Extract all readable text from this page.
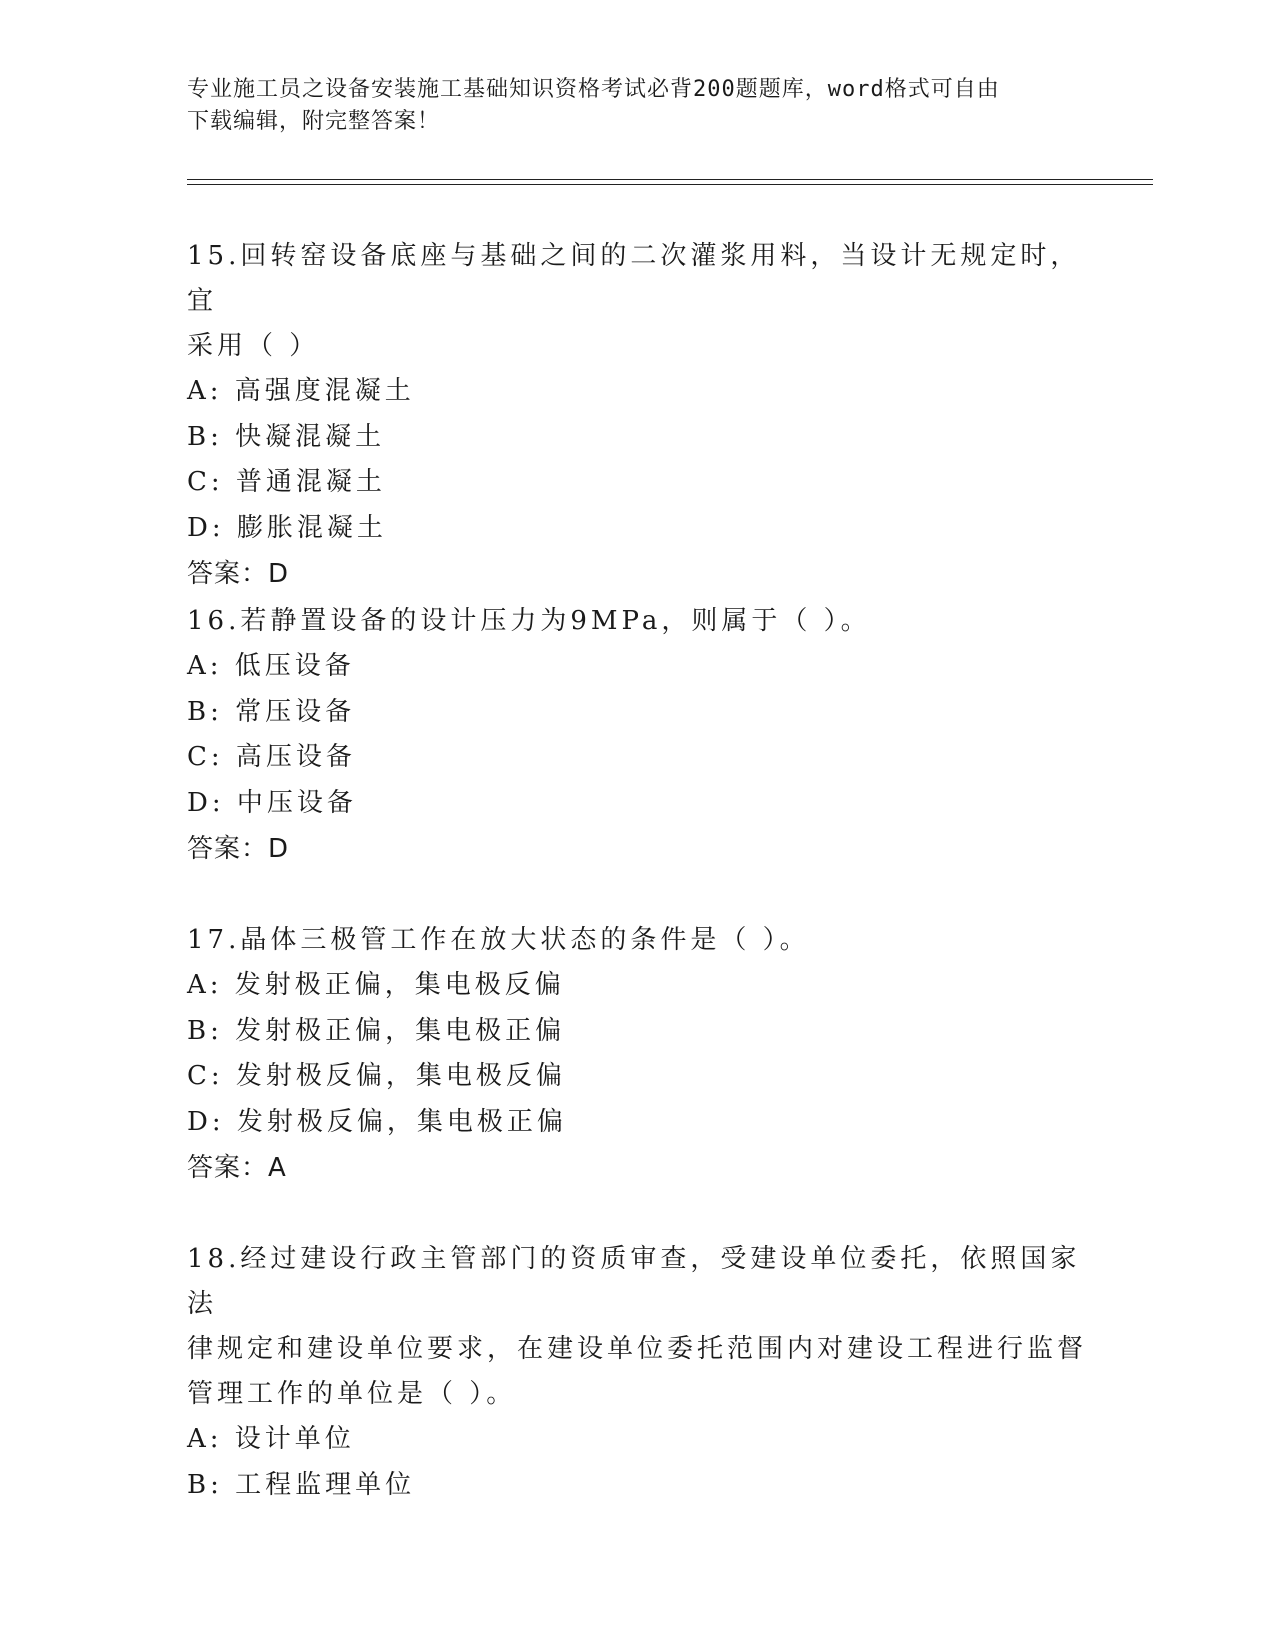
专业施工员之设备安装施工基础知识资格考试必背200题题库，word格式可自由
下载编辑，附完整答案！

15.回转窑设备底座与基础之间的二次灌浆用料，当设计无规定时，宜

采用（ ）

A: 高强度混凝土

B: 快凝混凝土

C: 普通混凝土

D: 膨胀混凝土

答案：D

16.若静置设备的设计压力为9MPa，则属于（ ）。

A: 低压设备

B: 常压设备

C: 高压设备

D: 中压设备

答案：D

17.晶体三极管工作在放大状态的条件是（ ）。

A: 发射极正偏，集电极反偏

B: 发射极正偏，集电极正偏

C: 发射极反偏，集电极反偏

D: 发射极反偏，集电极正偏

答案：A

18.经过建设行政主管部门的资质审查，受建设单位委托，依照国家法

律规定和建设单位要求，在建设单位委托范围内对建设工程进行监督

管理工作的单位是（ ）。

A: 设计单位

B: 工程监理单位
